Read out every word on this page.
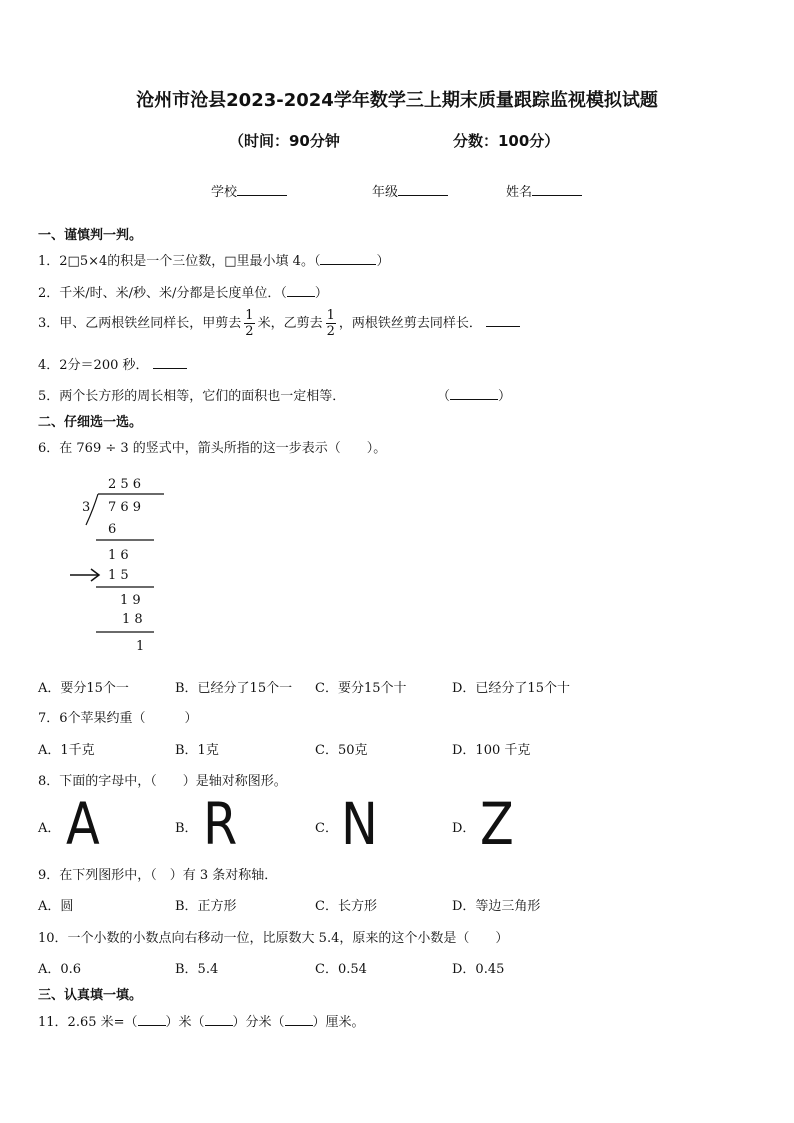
沧州市沧县2023-2024学年数学三上期末质量跟踪监视模拟试题
（时间：90分钟	分数：100分）
学校	年级	姓名
一、谨慎判一判。
1．2□5×4的积是一个三位数，□里最小填 4。（	）
2．千米/时、米/秒、米/分都是长度单位．（ ）
3．甲、乙两根铁丝同样长，甲剪去 $\frac{1}{2}$ 米，乙剪去 $\frac{1}{2}$ ，两根铁丝剪去同样长．
4．2分＝200 秒．
5．两个长方形的周长相等，它们的面积也一定相等．	（	）
二、仔细选一选。
6．在 769 ÷ 3 的竖式中，箭头所指的这一步表示（　　）。
2 5 6
3 7 6 9
6
1 6
1 5
1 9
1 8
1
A．要分15个一	B．已经分了15个一 C．要分15个十	D．已经分了15个十
7．6个苹果约重（　　　）
A．1千克	B．1克	C．50克	D．100 千克
8．下面的字母中，（　　）是轴对称图形。
A． A	B． R	C． N	D． Z
9．在下列图形中，（　）有 3 条对称轴．
A．圆	B．正方形	C．长方形	D．等边三角形
10．一个小数的小数点向右移动一位，比原数大 5.4，原来的这个小数是（　　）
A．0.6	B．5.4	C．0.54	D．0.45
三、认真填一填。
11．2.65 米=（ ）米（ ）分米（ ）厘米。
